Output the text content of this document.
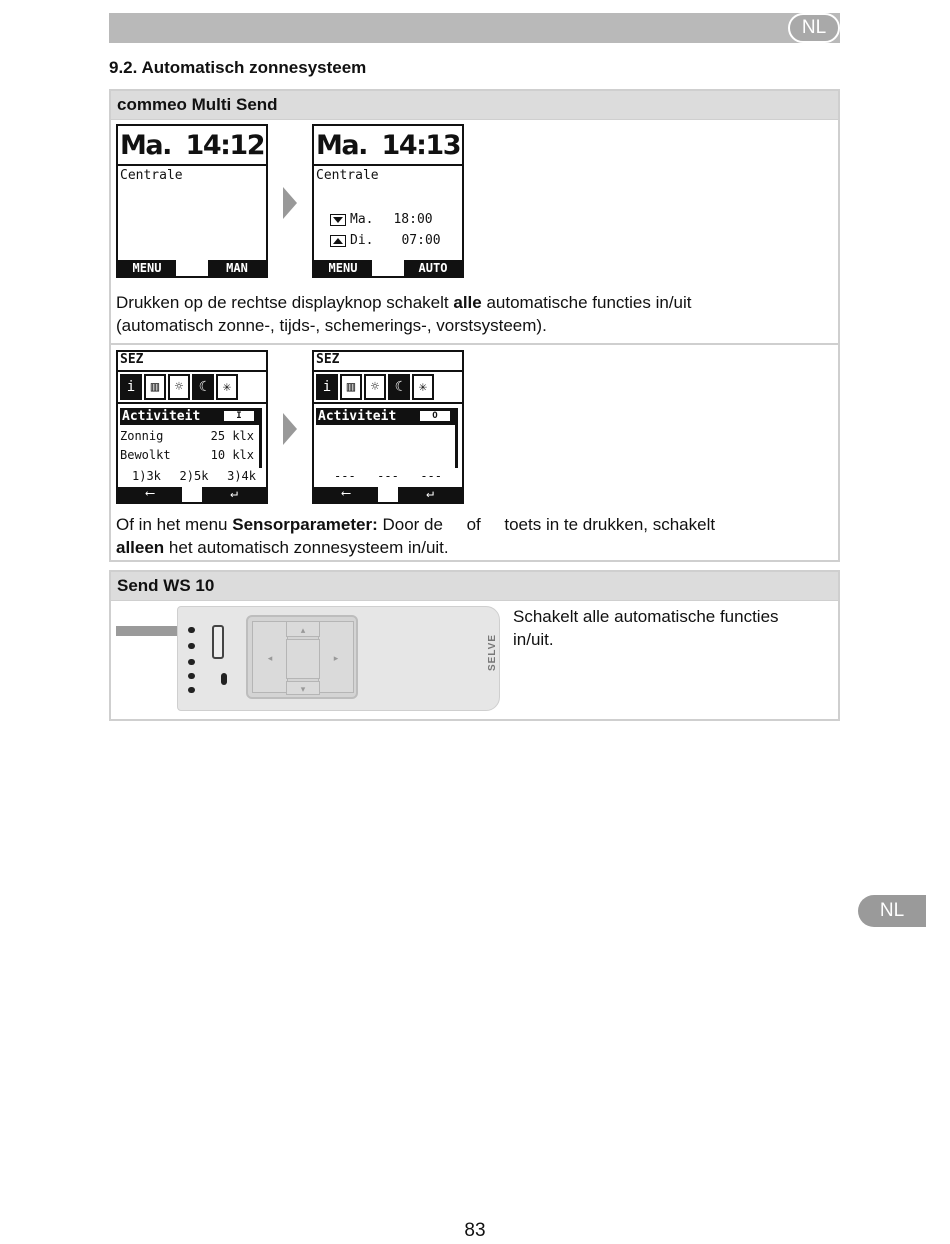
NL
9.2. Automatisch zonnesysteem
commeo Multi Send
Ma. 14:12
Centrale
MENU	MAN
Ma. 14:13
Centrale
Ma. 18:00
Di. 07:00
MENU	AUTO
Drukken op de rechtse displayknop schakelt alle automatische functies in/uit
(automatisch zonne-, tijds-, schemerings-, vorstsysteem).
SEZ
i	▥	☼	☾	✳
Activiteit	I
Zonnig	25 klx
Bewolkt	10 klx
1)3k 2)5k 3)4k
⟵	↵
SEZ
i	▥	☼	☾	✳
Activiteit	O
--- --- ---
⟵	↵
Of in het menu Sensorparameter: Door de     of     toets in te drukken, schakelt
alleen het automatisch zonnesysteem in/uit.
Send WS 10
◂	▸
▴
▾
SELVE
Schakelt alle automatische functies
in/uit.
NL
83
